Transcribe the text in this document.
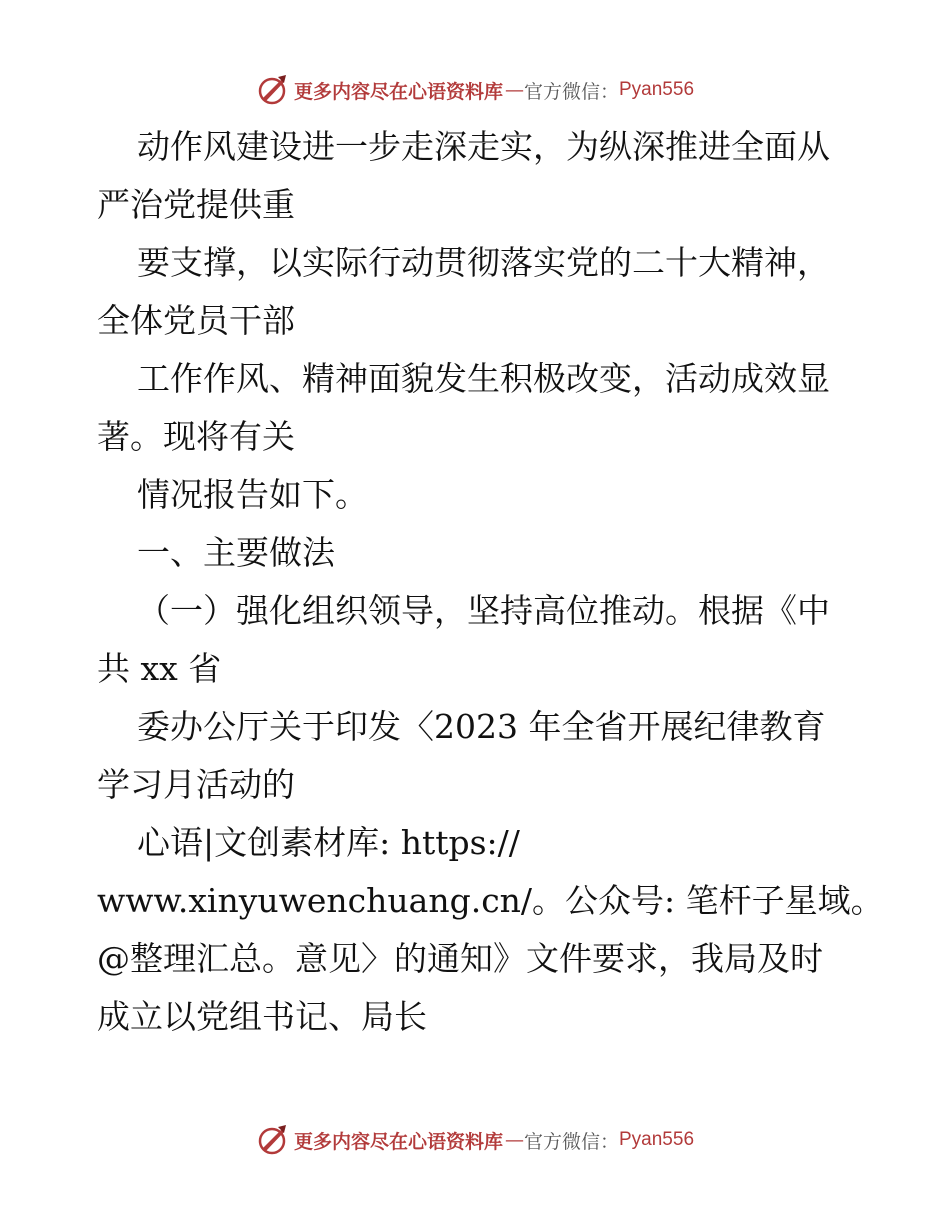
更多内容尽在心语资料库 — 官方微信： Pyan556
动作风建设进一步走深走实，为纵深推进全面从
严治党提供重
要支撑，以实际行动贯彻落实党的二十大精神，
全体党员干部
工作作风、精神面貌发生积极改变，活动成效显
著。现将有关
情况报告如下。
一、主要做法
（一）强化组织领导，坚持高位推动。根据《中
共 xx 省
委办公厅关于印发〈2023 年全省开展纪律教育
学习月活动的
心语|文创素材库: https://
www.xinyuwenchuang.cn/。公众号: 笔杆子星域。
@整理汇总。意见〉的通知》文件要求，我局及时
成立以党组书记、局长
更多内容尽在心语资料库 — 官方微信： Pyan556
